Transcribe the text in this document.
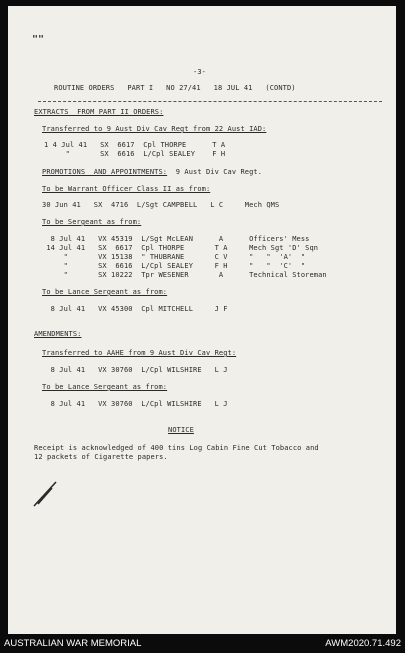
""
-3-
ROUTINE ORDERS   PART I   NO 27/41   18 JUL 41   (CONTD)
EXTRACTS  FROM PART II ORDERS:
Transferred to 9 Aust Div Cav Regt from 22 Aust IAD:
1 4 Jul 41   SX  6617  Cpl THORPE      T A
"       SX  6616  L/Cpl SEALEY    F H
PROMOTIONS  AND APPOINTMENTS:  9 Aust Div Cav Regt.
To be Warrant Officer Class II as from:
30 Jun 41   SX  4716  L/Sgt CAMPBELL   L C     Mech QMS
To be Sergeant as from:
8 Jul 41   VX 45319  L/Sgt McLEAN      A      Officers' Mess
14 Jul 41   SX  6617  Cpl THORPE       T A     Mech Sgt 'D' Sqn
"       VX 15138  " THUBRANE       C V     "   "  'A'  "
"       SX  6616  L/Cpl SEALEY     F H     "   "  'C'  "
"       SX 10222  Tpr WESENER       A      Technical Storeman
To be Lance Sergeant as from:
8 Jul 41   VX 45300  Cpl MITCHELL     J F
AMENDMENTS:
Transferred to AAHE from 9 Aust Div Cav Regt:
8 Jul 41   VX 30760  L/Cpl WILSHIRE   L J
To be Lance Sergeant as from:
8 Jul 41   VX 30760  L/Cpl WILSHIRE   L J
NOTICE
Receipt is acknowledged of 400 tins Log Cabin Fine Cut Tobacco and
12 packets of Cigarette papers.
AUSTRALIAN WAR MEMORIAL	AWM2020.71.492
